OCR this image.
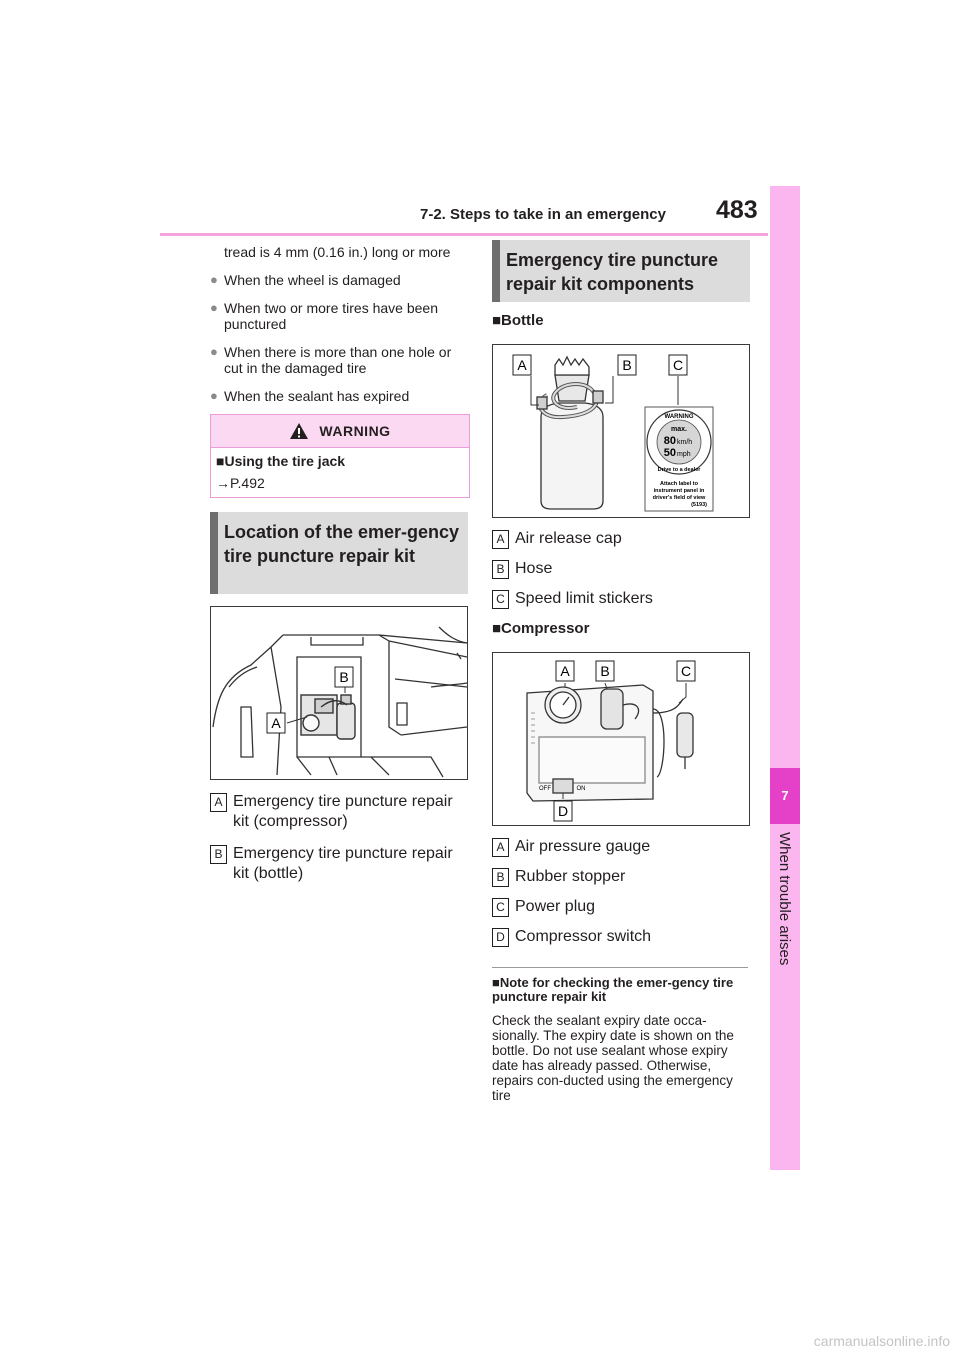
7-2. Steps to take in an emergency 483
7
When trouble arises
tread is 4 mm (0.16 in.) long or more
● When the wheel is damaged
● When two or more tires have been punctured
● When there is more than one hole or cut in the damaged tire
● When the sealant has expired
WARNING
■Using the tire jack
→P.492
Location of the emer-gency tire puncture repair kit
B
A
A Emergency tire puncture repair kit (compressor)
B Emergency tire puncture repair kit (bottle)
Emergency tire puncture repair kit components
■Bottle
A	B	C
WARNING
max.
80 km/h
50 mph
Drive to a dealer
Attach label to
instrument panel in
driver's field of view
(5193)
A Air release cap
B Hose
C Speed limit stickers
■Compressor
OFF	ON
A B	C
D
A Air pressure gauge
B Rubber stopper
C Power plug
D Compressor switch
■Note for checking the emer-gency tire puncture repair kit
Check the sealant expiry date occa-sionally. The expiry date is shown on the bottle. Do not use sealant whose expiry date has already passed. Otherwise, repairs con-ducted using the emergency tire
carmanualsonline.info
